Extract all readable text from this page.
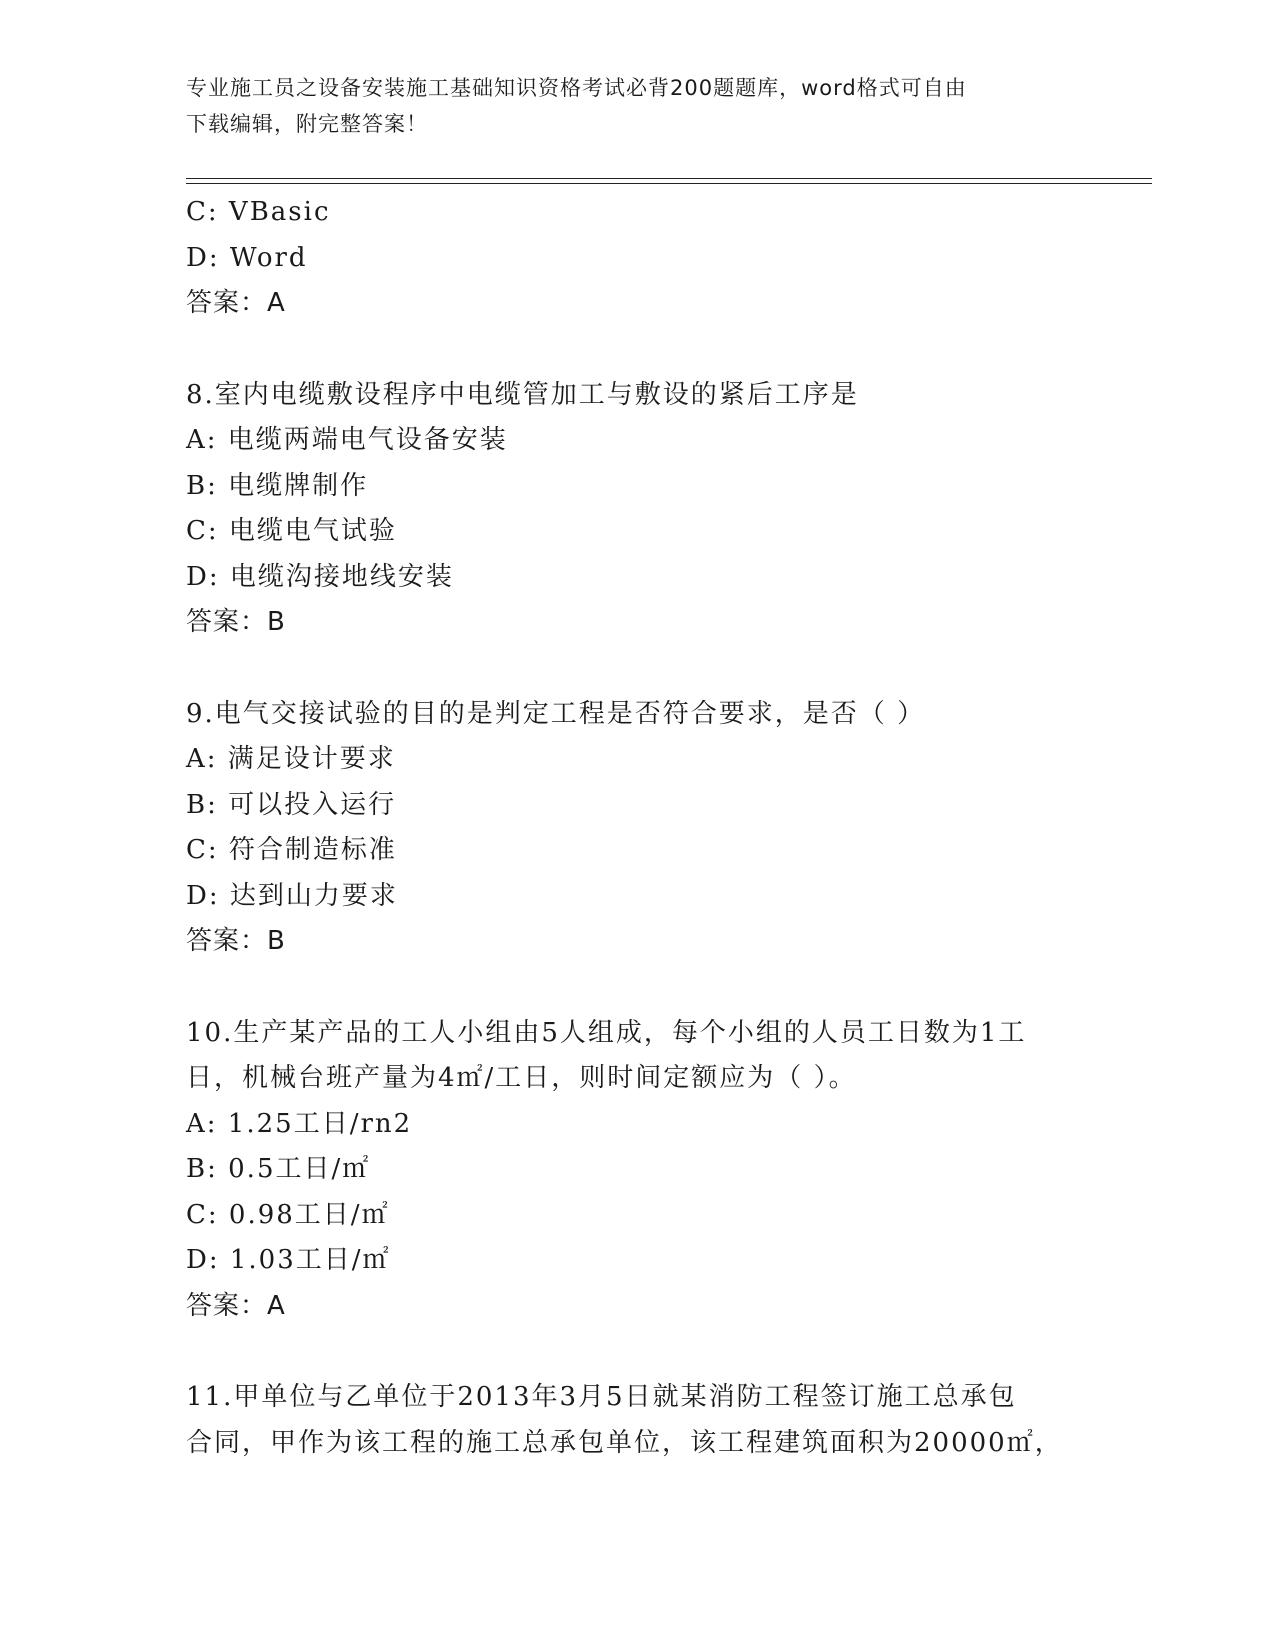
专业施工员之设备安装施工基础知识资格考试必背200题题库，word格式可自由
下载编辑，附完整答案！
C: VBasic
D: Word
答案：A
8.室内电缆敷设程序中电缆管加工与敷设的紧后工序是
A: 电缆两端电气设备安装
B: 电缆牌制作
C: 电缆电气试验
D: 电缆沟接地线安装
答案：B
9.电气交接试验的目的是判定工程是否符合要求，是否（ ）
A: 满足设计要求
B: 可以投入运行
C: 符合制造标准
D: 达到山力要求
答案：B
10.生产某产品的工人小组由5人组成，每个小组的人员工日数为1工
日，机械台班产量为4㎡/工日，则时间定额应为（ ）。
A: 1.25工日/rn2
B: 0.5工日/㎡
C: 0.98工日/㎡
D: 1.03工日/㎡
答案：A
11.甲单位与乙单位于2013年3月5日就某消防工程签订施工总承包
合同，甲作为该工程的施工总承包单位，该工程建筑面积为20000㎡，
